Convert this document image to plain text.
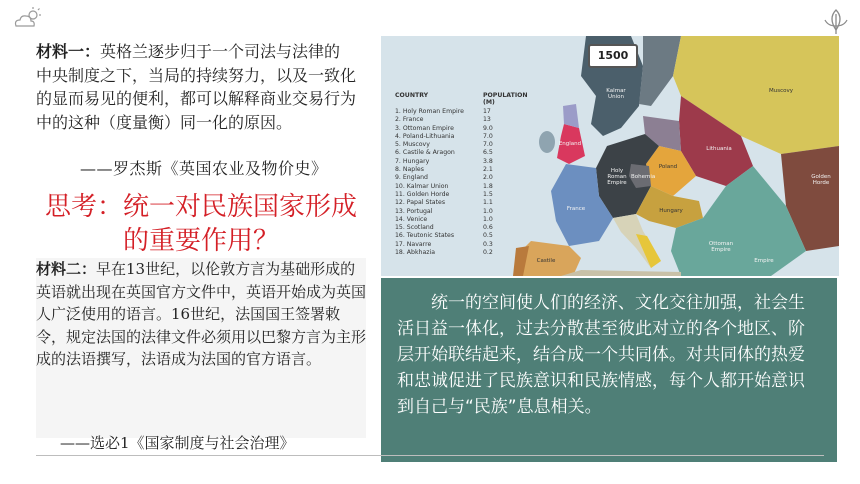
材料一：英格兰逐步归于一个司法与法律的中央制度之下，当局的持续努力，以及一致化的显而易见的便利，都可以解释商业交易行为中的这种（度量衡）同一化的原因。
——罗杰斯《英国农业及物价史》
思考：统一对民族国家形成的重要作用？
材料二：早在13世纪，以伦敦方言为基础形成的英语就出现在英国官方文件中，英语开始成为英国人广泛使用的语言。16世纪，法国国王签署敕令，规定法国的法律文件必须用以巴黎方言为主形成的法语撰写，法语成为法国的官方语言。
——选必1《国家制度与社会治理》
1500
COUNTRY	POPULATION (M)
1. Holy Roman Empire	17
2. France	13
3. Ottoman Empire	9.0
4. Poland-Lithuania	7.0
5. Muscovy	7.0
6. Castile & Aragon	6.5
7. Hungary	3.8
8. Naples	2.1
9. England	2.0
10. Kalmar Union	1.8
11. Golden Horde	1.5
12. Papal States	1.1
13. Portugal	1.0
14. Venice	1.0
15. Scotland	0.6
16. Teutonic States	0.5
17. Navarre	0.3
18. Abkhazia	0.2
Kalmar Union
Muscovy
Lithuania
Poland
Holy Roman Empire
Bohemia
France
England
Hungary
Castile
Ottoman Empire
Golden Horde
Empire
统一的空间使人们的经济、文化交往加强，社会生活日益一体化，过去分散甚至彼此对立的各个地区、阶层开始联结起来，结合成一个共同体。对共同体的热爱和忠诚促进了民族意识和民族情感，每个人都开始意识到自己与“民族”息息相关。
